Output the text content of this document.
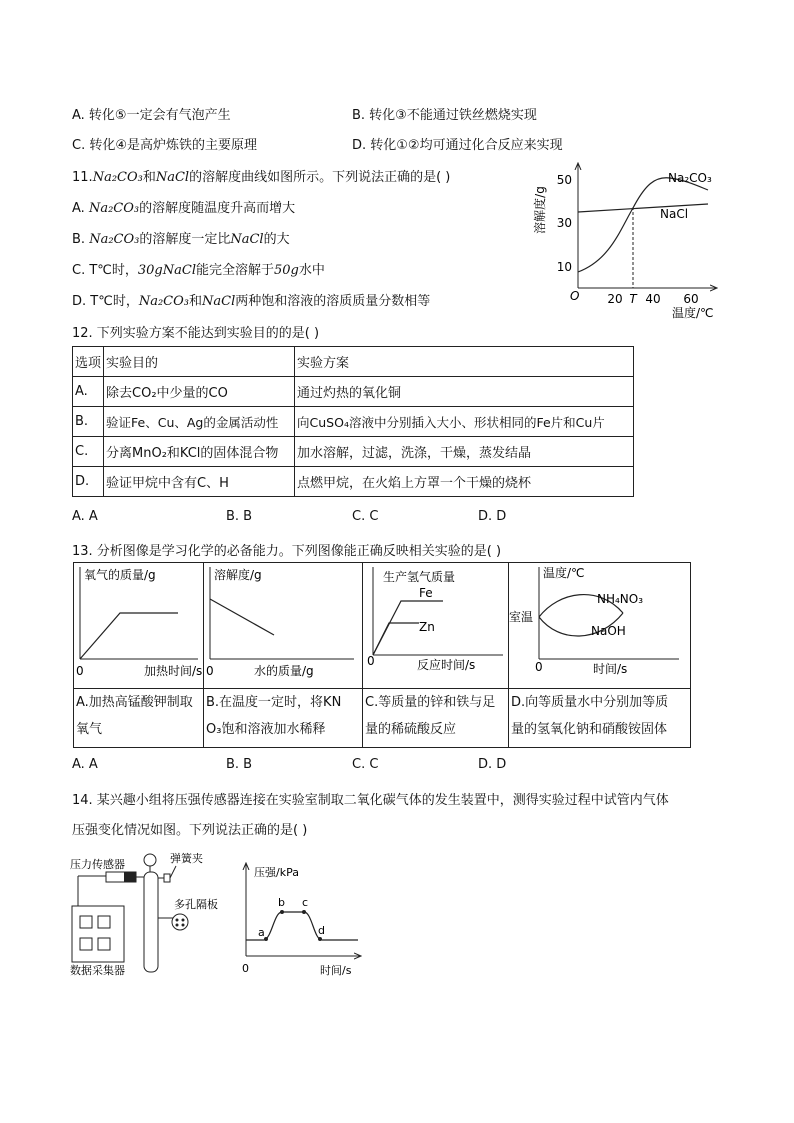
A. 转化⑤一定会有气泡产生	B. 转化③不能通过铁丝燃烧实现
C. 转化④是高炉炼铁的主要原理	D. 转化①②均可通过化合反应来实现
11.Na₂CO₃和NaCl的溶解度曲线如图所示。下列说法正确的是( )
A. Na₂CO₃的溶解度随温度升高而增大
B. Na₂CO₃的溶解度一定比NaCl的大
C. T℃时，30gNaCl能完全溶解于50g水中
D. T℃时，Na₂CO₃和NaCl两种饱和溶液的溶质质量分数相等
溶解度/g
O
10
30
50
20 T 40 60
温度/℃
Na₂CO₃
NaCl
12. 下列实验方案不能达到实验目的的是( )
选项	实验目的	实验方案
A.	除去CO₂中少量的CO	通过灼热的氧化铜
B.	验证Fe、Cu、Ag的金属活动性	向CuSO₄溶液中分别插入大小、形状相同的Fe片和Cu片
C.	分离MnO₂和KCl的固体混合物	加水溶解，过滤，洗涤，干燥，蒸发结晶
D.	验证甲烷中含有C、H	点燃甲烷，在火焰上方罩一个干燥的烧杯
A. A	B. B	C. C	D. D
13. 分析图像是学习化学的必备能力。下列图像能正确反映相关实验的是( )
氧气的质量/g
0	加热时间/s
溶解度/g
0	水的质量/g
生产氢气质量
0	反应时间/s
Fe
Zn
温度/℃
0	时间/s
室温
NH₄NO₃
NaOH
A.加热高锰酸钾制取
氧气
B.在温度一定时，将KN
O₃饱和溶液加水稀释
C.等质量的锌和铁与足
量的稀硫酸反应
D.向等质量水中分别加等质
量的氢氧化钠和硝酸铵固体
A. A	B. B	C. C	D. D
14. 某兴趣小组将压强传感器连接在实验室制取二氧化碳气体的发生装置中，测得实验过程中试管内气体
压强变化情况如图。下列说法正确的是( )
压力传感器	弹簧夹
多孔隔板
数据采集器
压强/kPa
0	时间/s
a
b c
d
